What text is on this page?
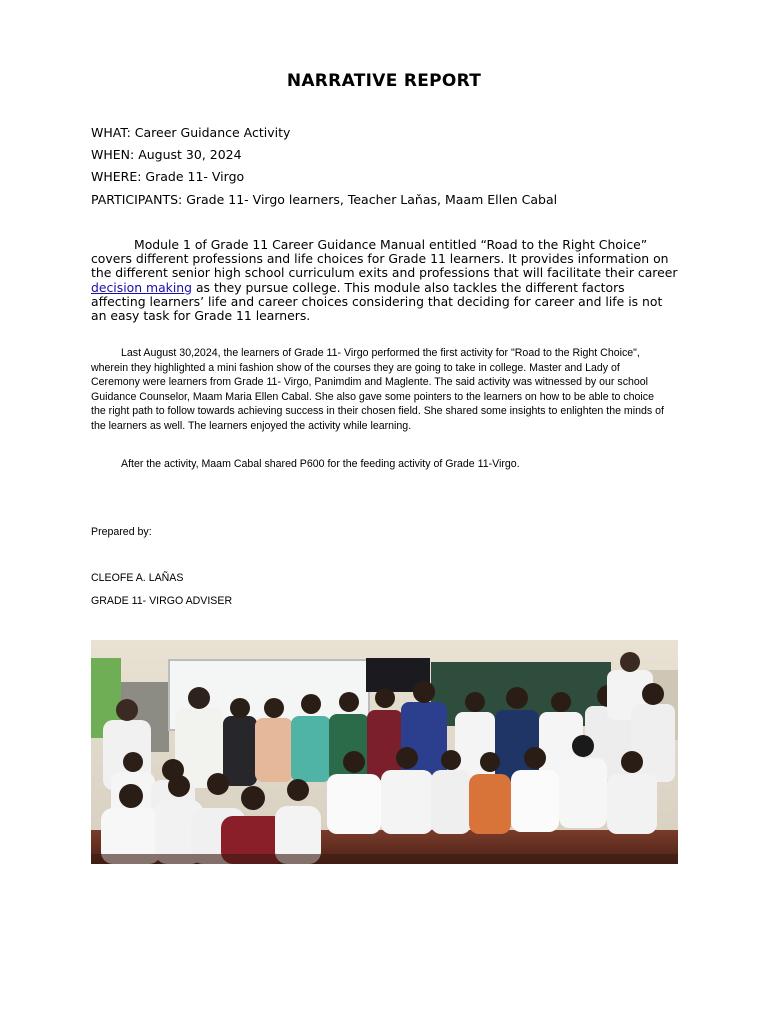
NARRATIVE REPORT
WHAT: Career Guidance Activity
WHEN: August 30, 2024
WHERE: Grade 11- Virgo
PARTICIPANTS: Grade 11- Virgo learners, Teacher Laňas, Maam Ellen Cabal
Module 1 of Grade 11 Career Guidance Manual entitled “Road to the Right Choice” covers different professions and life choices for Grade 11 learners. It provides information on the different senior high school curriculum exits and professions that will facilitate their career decision making as they pursue college. This module also tackles the different factors affecting learners’ life and career choices considering that deciding for career and life is not an easy task for Grade 11 learners.
Last August 30,2024, the learners of Grade 11- Virgo performed the first activity for "Road to the Right Choice", wherein they highlighted a mini fashion show of the courses they are going to take in college. Master and Lady of Ceremony were learners from Grade 11- Virgo, Panimdim and Maglente. The said activity was witnessed by our school Guidance Counselor, Maam Maria Ellen Cabal. She also gave some pointers to the learners on how to be able to choice the right path to follow towards achieving success in their chosen field. She shared some insights to enlighten the minds of the learners as well. The learners enjoyed the activity while learning.
After the activity, Maam Cabal shared P600 for the feeding activity of Grade 11-Virgo.
Prepared by:
CLEOFE A. LAÑAS
GRADE 11- VIRGO ADVISER
